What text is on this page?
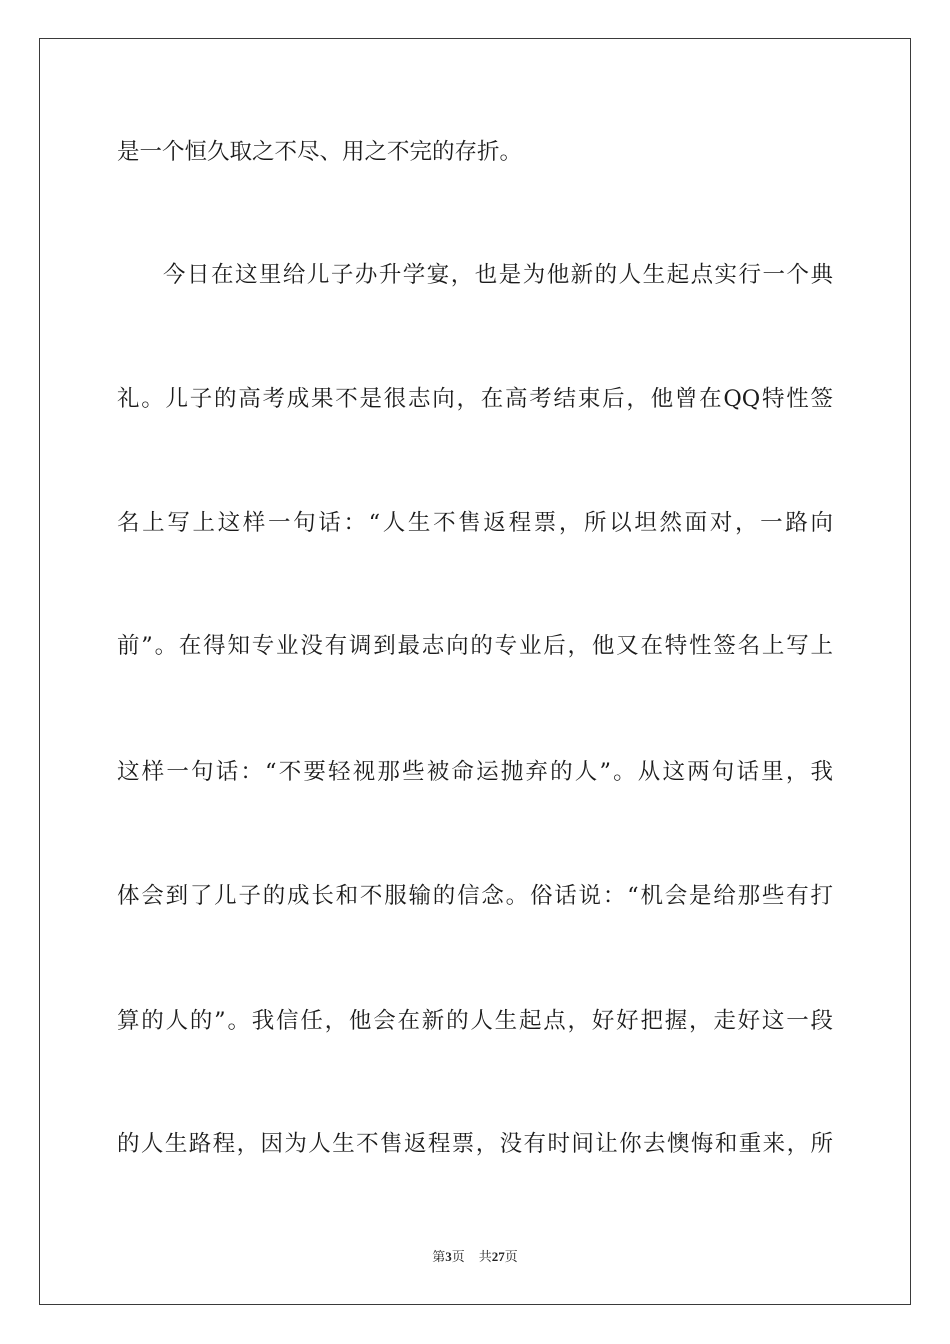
是一个恒久取之不尽、用之不完的存折。
今日在这里给儿子办升学宴，也是为他新的人生起点实行一个典
礼。儿子的高考成果不是很志向，在高考结束后，他曾在QQ特性签
名上写上这样一句话：“人生不售返程票，所以坦然面对，一路向
前”。在得知专业没有调到最志向的专业后，他又在特性签名上写上
这样一句话：“不要轻视那些被命运抛弃的人”。从这两句话里，我
体会到了儿子的成长和不服输的信念。俗话说：“机会是给那些有打
算的人的”。我信任，他会在新的人生起点，好好把握，走好这一段
的人生路程，因为人生不售返程票，没有时间让你去懊悔和重来，所
第3页 共27页
